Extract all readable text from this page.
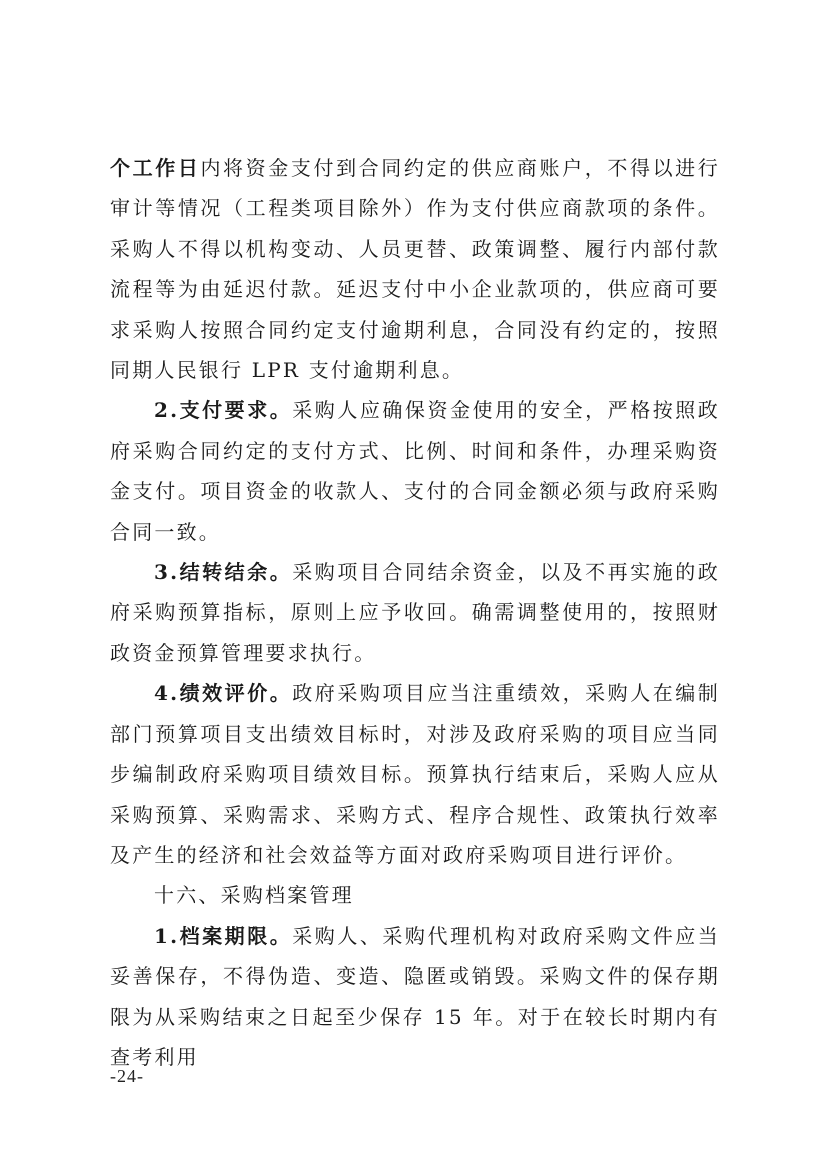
个工作日内将资金支付到合同约定的供应商账户，不得以进行审计等情况（工程类项目除外）作为支付供应商款项的条件。采购人不得以机构变动、人员更替、政策调整、履行内部付款流程等为由延迟付款。延迟支付中小企业款项的，供应商可要求采购人按照合同约定支付逾期利息，合同没有约定的，按照同期人民银行 LPR 支付逾期利息。

2.支付要求。采购人应确保资金使用的安全，严格按照政府采购合同约定的支付方式、比例、时间和条件，办理采购资金支付。项目资金的收款人、支付的合同金额必须与政府采购合同一致。

3.结转结余。采购项目合同结余资金，以及不再实施的政府采购预算指标，原则上应予收回。确需调整使用的，按照财政资金预算管理要求执行。

4.绩效评价。政府采购项目应当注重绩效，采购人在编制部门预算项目支出绩效目标时，对涉及政府采购的项目应当同步编制政府采购项目绩效目标。预算执行结束后，采购人应从采购预算、采购需求、采购方式、程序合规性、政策执行效率及产生的经济和社会效益等方面对政府采购项目进行评价。

十六、采购档案管理

1.档案期限。采购人、采购代理机构对政府采购文件应当妥善保存，不得伪造、变造、隐匿或销毁。采购文件的保存期限为从采购结束之日起至少保存 15 年。对于在较长时期内有查考利用

-24-
